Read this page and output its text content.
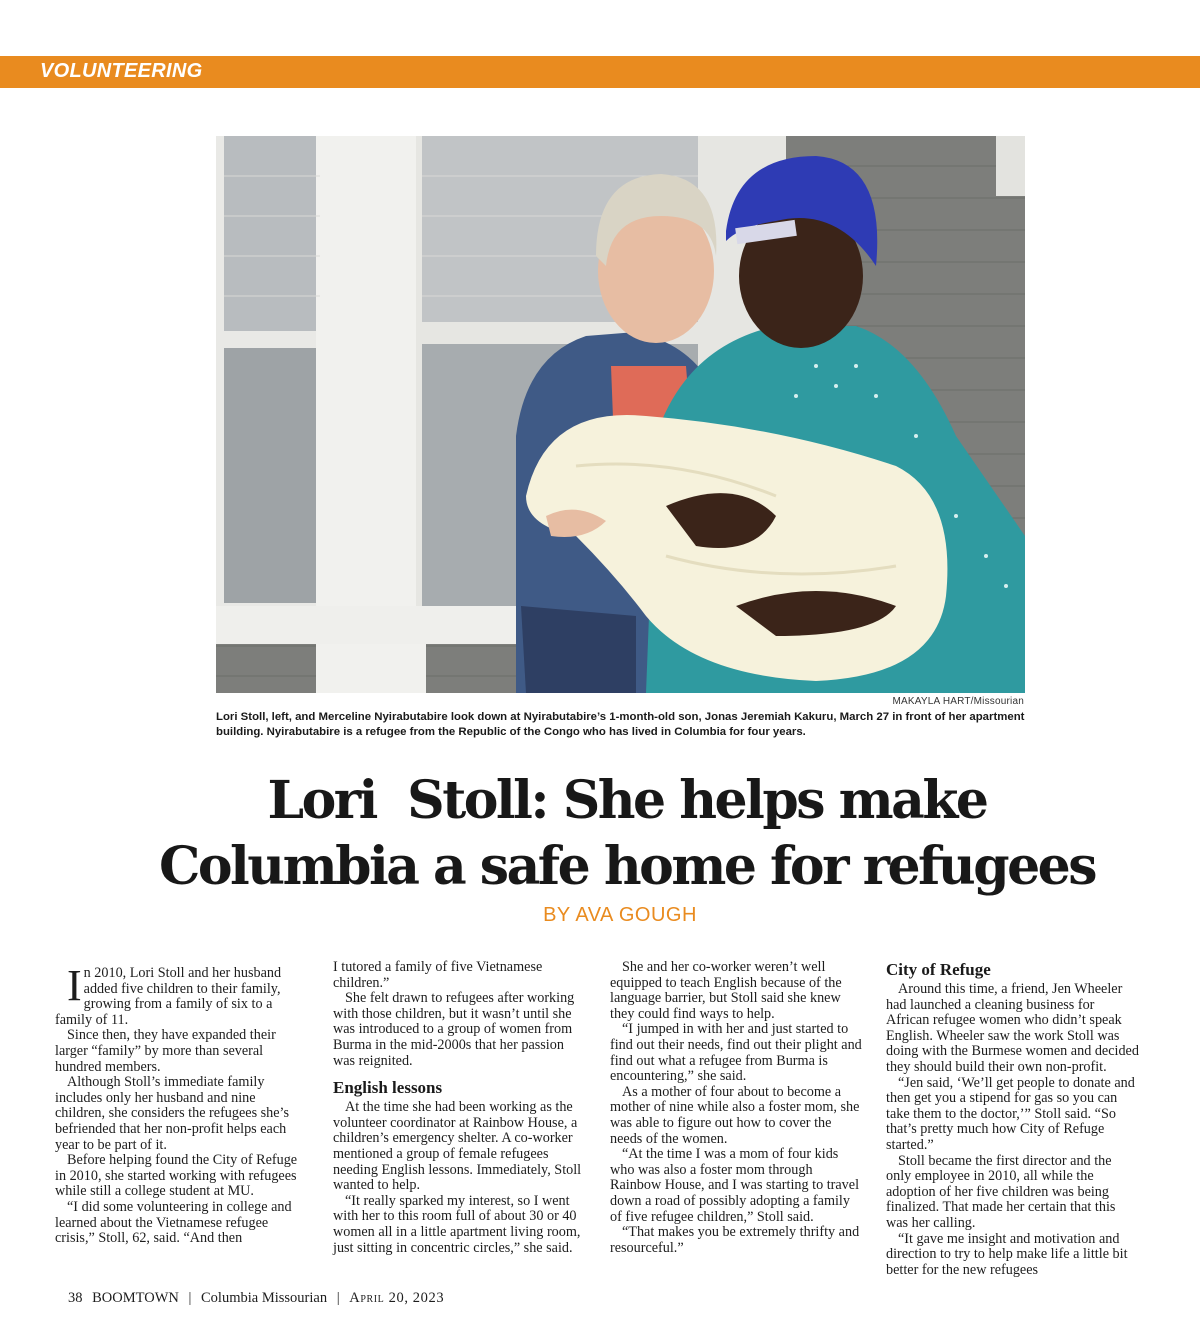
VOLUNTEERING
MAKAYLA HART/Missourian
Lori Stoll, left, and Merceline Nyirabutabire look down at Nyirabutabire’s 1-month-old son, Jonas Jeremiah Kakuru, March 27 in front of her apartment building. Nyirabutabire is a refugee from the Republic of the Congo who has lived in Columbia for four years.
Lori  Stoll: She helps make
Columbia a safe home for refugees
BY AVA GOUGH

In 2010, Lori Stoll and her husband added five children to their family, growing from a family of six to a family of 11.

Since then, they have expanded their larger “family” by more than several hundred members.

Although Stoll’s immediate family includes only her husband and nine children, she considers the refugees she’s befriended that her non-profit helps each year to be part of it.

Before helping found the City of Refuge in 2010, she started working with refugees while still a college student at MU.

“I did some volunteering in college and learned about the Vietnamese refugee crisis,” Stoll, 62, said. “And then

I tutored a family of five Vietnamese children.”

She felt drawn to refugees after working with those children, but it wasn’t until she was introduced to a group of women from Burma in the mid-2000s that her passion was reignited.

English lessons

At the time she had been working as the volunteer coordinator at Rainbow House, a children’s emergency shelter. A co-worker mentioned a group of female refugees needing English lessons. Immediately, Stoll wanted to help.

“It really sparked my interest, so I went with her to this room full of about 30 or 40 women all in a little apartment living room, just sitting in concentric circles,” she said.

She and her co-worker weren’t well equipped to teach English because of the language barrier, but Stoll said she knew they could find ways to help.

“I jumped in with her and just started to find out their needs, find out their plight and find out what a refugee from Burma is encountering,” she said.

As a mother of four about to become a mother of nine while also a foster mom, she was able to figure out how to cover the needs of the women.

“At the time I was a mom of four kids who was also a foster mom through Rainbow House, and I was starting to travel down a road of possibly adopting a family of five refugee children,” Stoll said.

“That makes you be extremely thrifty and resourceful.”

City of Refuge

Around this time, a friend, Jen Wheeler had launched a cleaning business for African refugee women who didn’t speak English. Wheeler saw the work Stoll was doing with the Burmese women and decided they should build their own non-profit.

“Jen said, ‘We’ll get people to donate and then get you a stipend for gas so you can take them to the doctor,’” Stoll said. “So that’s pretty much how City of Refuge started.”

Stoll became the first director and the only employee in 2010, all while the adoption of her five children was being finalized. That made her certain that this was her calling.

“It gave me insight and motivation and direction to try to help make life a little bit better for the new refugees

38 BOOMTOWN | Columbia Missourian | April 20, 2023
